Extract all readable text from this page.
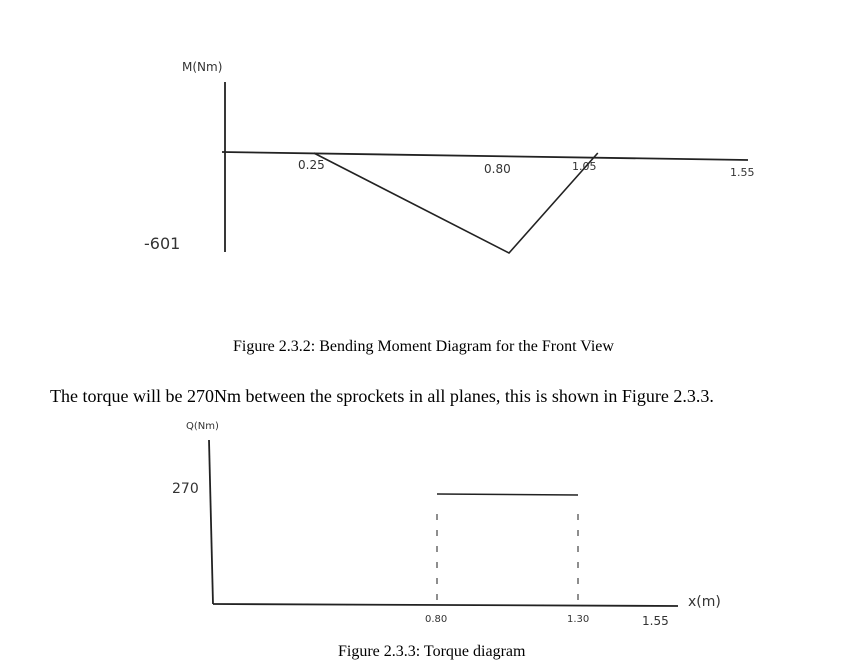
M(Nm)

-601

0.25	0.80	1.05	1.55

Figure 2.3.2: Bending Moment Diagram for the Front View

The torque will be 270Nm between the sprockets in all planes, this is shown in Figure 2.3.3.

Q(Nm)

270

0.80	1.30	1.55

x(m)

Figure 2.3.3: Torque diagram
